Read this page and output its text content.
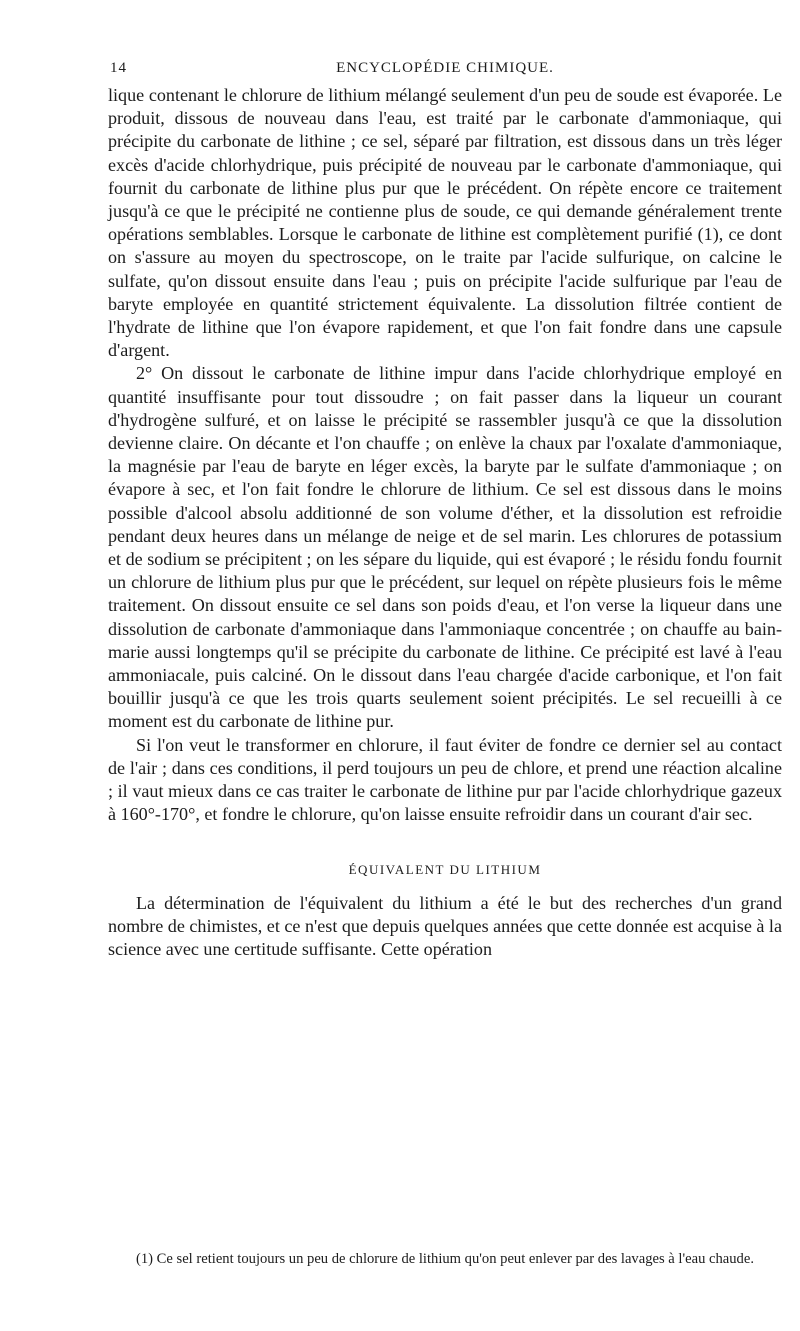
14	ENCYCLOPÉDIE CHIMIQUE.

lique contenant le chlorure de lithium mélangé seulement d'un peu de soude est évaporée. Le produit, dissous de nouveau dans l'eau, est traité par le carbonate d'ammoniaque, qui précipite du carbonate de lithine ; ce sel, séparé par filtration, est dissous dans un très léger excès d'acide chlorhydrique, puis précipité de nouveau par le carbonate d'ammoniaque, qui fournit du carbonate de lithine plus pur que le précédent. On répète encore ce traitement jusqu'à ce que le précipité ne contienne plus de soude, ce qui demande généralement trente opérations semblables. Lorsque le carbonate de lithine est complètement purifié (1), ce dont on s'assure au moyen du spectroscope, on le traite par l'acide sulfurique, on calcine le sulfate, qu'on dissout ensuite dans l'eau ; puis on précipite l'acide sulfurique par l'eau de baryte employée en quantité strictement équivalente. La dissolution filtrée contient de l'hydrate de lithine que l'on évapore rapidement, et que l'on fait fondre dans une capsule d'argent.

2° On dissout le carbonate de lithine impur dans l'acide chlorhydrique employé en quantité insuffisante pour tout dissoudre ; on fait passer dans la liqueur un courant d'hydrogène sulfuré, et on laisse le précipité se rassembler jusqu'à ce que la dissolution devienne claire. On décante et l'on chauffe ; on enlève la chaux par l'oxalate d'ammoniaque, la magnésie par l'eau de baryte en léger excès, la baryte par le sulfate d'ammoniaque ; on évapore à sec, et l'on fait fondre le chlorure de lithium. Ce sel est dissous dans le moins possible d'alcool absolu additionné de son volume d'éther, et la dissolution est refroidie pendant deux heures dans un mélange de neige et de sel marin. Les chlorures de potassium et de sodium se précipitent ; on les sépare du liquide, qui est évaporé ; le résidu fondu fournit un chlorure de lithium plus pur que le précédent, sur lequel on répète plusieurs fois le même traitement. On dissout ensuite ce sel dans son poids d'eau, et l'on verse la liqueur dans une dissolution de carbonate d'ammoniaque dans l'ammoniaque concentrée ; on chauffe au bain-marie aussi longtemps qu'il se précipite du carbonate de lithine. Ce précipité est lavé à l'eau ammoniacale, puis calciné. On le dissout dans l'eau chargée d'acide carbonique, et l'on fait bouillir jusqu'à ce que les trois quarts seulement soient précipités. Le sel recueilli à ce moment est du carbonate de lithine pur.

Si l'on veut le transformer en chlorure, il faut éviter de fondre ce dernier sel au contact de l'air ; dans ces conditions, il perd toujours un peu de chlore, et prend une réaction alcaline ; il vaut mieux dans ce cas traiter le carbonate de lithine pur par l'acide chlorhydrique gazeux à 160°-170°, et fondre le chlorure, qu'on laisse ensuite refroidir dans un courant d'air sec.

ÉQUIVALENT DU LITHIUM

La détermination de l'équivalent du lithium a été le but des recherches d'un grand nombre de chimistes, et ce n'est que depuis quelques années que cette donnée est acquise à la science avec une certitude suffisante. Cette opération

(1) Ce sel retient toujours un peu de chlorure de lithium qu'on peut enlever par des lavages à l'eau chaude.
